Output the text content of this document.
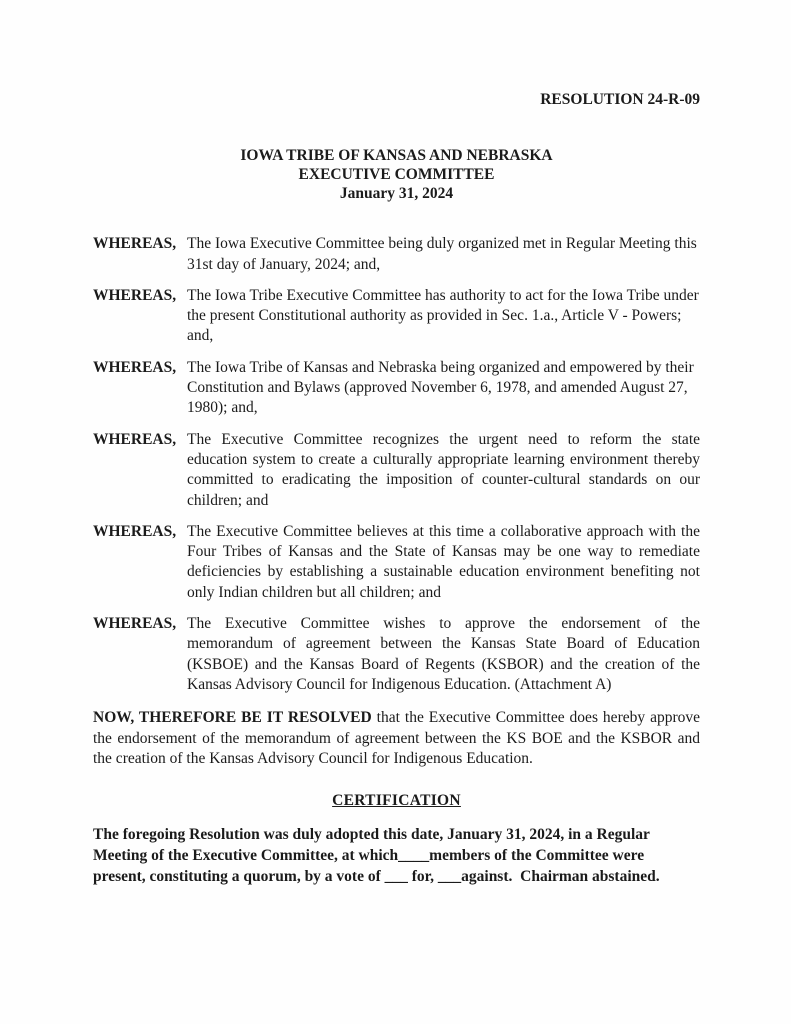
RESOLUTION 24-R-09
IOWA TRIBE OF KANSAS AND NEBRASKA
EXECUTIVE COMMITTEE
January 31, 2024
WHEREAS, The Iowa Executive Committee being duly organized met in Regular Meeting this 31st day of January, 2024; and,
WHEREAS, The Iowa Tribe Executive Committee has authority to act for the Iowa Tribe under the present Constitutional authority as provided in Sec. 1.a., Article V - Powers; and,
WHEREAS, The Iowa Tribe of Kansas and Nebraska being organized and empowered by their Constitution and Bylaws (approved November 6, 1978, and amended August 27, 1980); and,
WHEREAS, The Executive Committee recognizes the urgent need to reform the state education system to create a culturally appropriate learning environment thereby committed to eradicating the imposition of counter-cultural standards on our children; and
WHEREAS, The Executive Committee believes at this time a collaborative approach with the Four Tribes of Kansas and the State of Kansas may be one way to remediate deficiencies by establishing a sustainable education environment benefiting not only Indian children but all children; and
WHEREAS, The Executive Committee wishes to approve the endorsement of the memorandum of agreement between the Kansas State Board of Education (KSBOE) and the Kansas Board of Regents (KSBOR) and the creation of the Kansas Advisory Council for Indigenous Education. (Attachment A)

NOW, THEREFORE BE IT RESOLVED that the Executive Committee does hereby approve the endorsement of the memorandum of agreement between the KS BOE and the KSBOR and the creation of the Kansas Advisory Council for Indigenous Education.

CERTIFICATION

The foregoing Resolution was duly adopted this date, January 31, 2024, in a Regular Meeting of the Executive Committee, at which____members of the Committee were present, constituting a quorum, by a vote of ___ for, ___against.  Chairman abstained.
